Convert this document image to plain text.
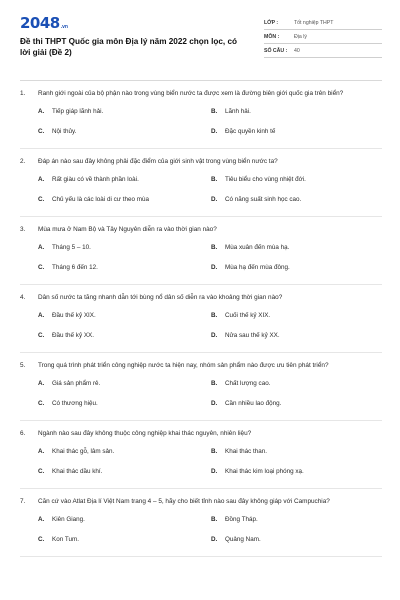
2048 .vn
Đề thi THPT Quốc gia môn Địa lý năm 2022 chọn lọc, có lời giải (Đề 2)
LỚP :	Tốt nghiệp THPT
MÔN :	Địa lý
SỐ CÂU :	40
1.	Ranh giới ngoài của bộ phận nào trong vùng biển nước ta được xem là đường biên giới quốc gia trên biển?
A.	Tiếp giáp lãnh hải.	B.	Lãnh hải.
C.	Nội thủy.	D.	Đặc quyền kinh tế
2.	Đáp án nào sau đây không phải đặc điểm của giới sinh vật trong vùng biển nước ta?
A.	Rất giàu có về thành phần loài.	B.	Tiêu biểu cho vùng nhiệt đới.
C.	Chủ yếu là các loài di cư theo mùa	D.	Có năng suất sinh học cao.
3.	Mùa mưa ở Nam Bộ và Tây Nguyên diễn ra vào thời gian nào?
A.	Tháng 5 – 10.	B.	Mùa xuân đến mùa hạ.
C.	Tháng 6 đến 12.	D.	Mùa hạ đến mùa đông.
4.	Dân số nước ta tăng nhanh dẫn tới bùng nổ dân số diễn ra vào khoảng thời gian nào?
A.	Đầu thế kỷ XIX.	B.	Cuối thế kỷ XIX.
C.	Đầu thế kỷ XX.	D.	Nửa sau thế kỷ XX.
5.	Trong quá trình phát triển công nghiệp nước ta hiện nay, nhóm sản phẩm nào được ưu tiên phát triển?
A.	Giá sản phẩm rẻ.	B.	Chất lượng cao.
C.	Có thương hiệu.	D.	Cần nhiều lao động.
6.	Ngành nào sau đây không thuộc công nghiệp khai thác nguyên, nhiên liệu?
A.	Khai thác gỗ, lâm sản.	B.	Khai thác than.
C.	Khai thác dầu khí.	D.	Khai thác kim loại phóng xạ.
7.	Căn cứ vào Atlat Địa lí Việt Nam trang 4 – 5, hãy cho biết tỉnh nào sau đây không giáp với Campuchia?
A.	Kiên Giang.	B.	Đồng Tháp.
C.	Kon Tum.	D.	Quảng Nam.
